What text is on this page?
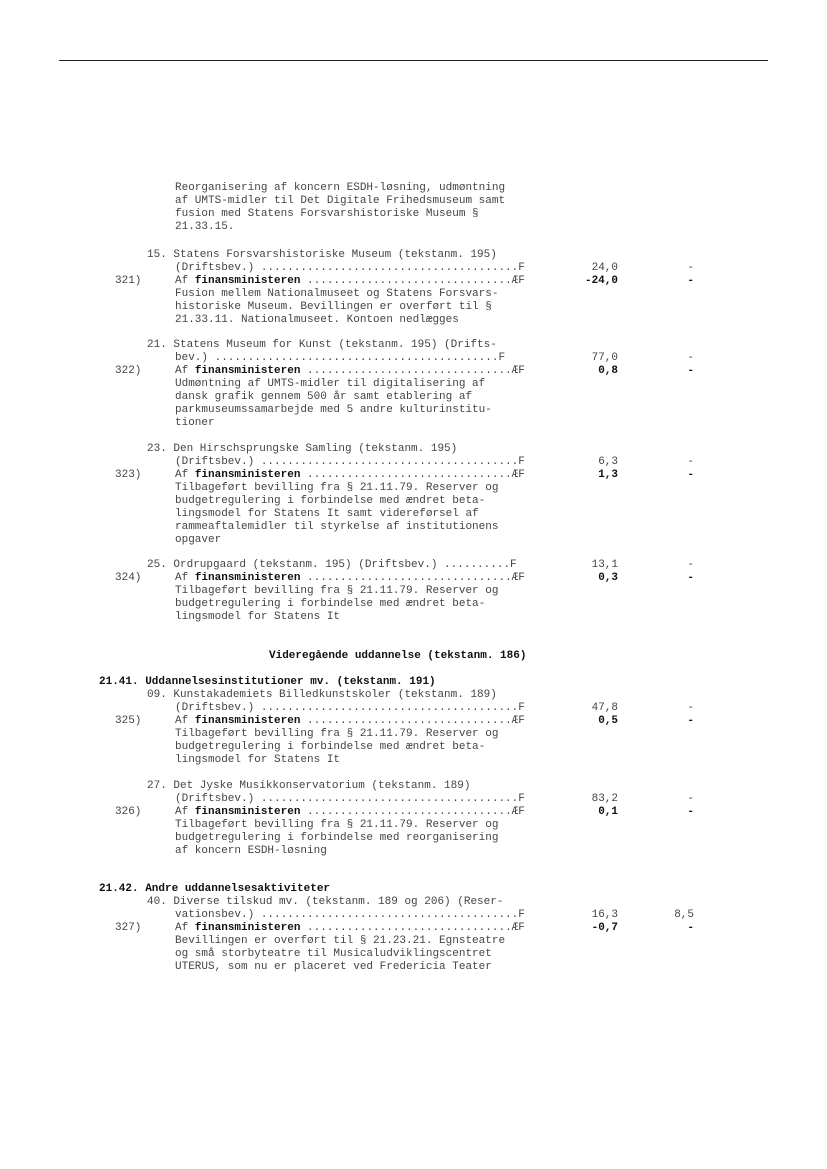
Reorganisering af koncern ESDH-løsning, udmøntning
af UMTS-midler til Det Digitale Frihedsmuseum samt
fusion med Statens Forsvarshistoriske Museum §
21.33.15.
15. Statens Forsvarshistoriske Museum (tekstanm. 195)
(Driftsbev.) .......................................F	24,0	-
321)	Af finansministeren ...............................ÆF	-24,0	-
Fusion mellem Nationalmuseet og Statens Forsvars-
historiske Museum. Bevillingen er overført til §
21.33.11. Nationalmuseet. Kontoen nedlægges
21. Statens Museum for Kunst (tekstanm. 195) (Drifts-
bev.) ...........................................F	77,0	-
322)	Af finansministeren ...............................ÆF	0,8	-
Udmøntning af UMTS-midler til digitalisering af
dansk grafik gennem 500 år samt etablering af
parkmuseumssamarbejde med 5 andre kulturinstitu-
tioner
23. Den Hirschsprungske Samling (tekstanm. 195)
(Driftsbev.) .......................................F	6,3	-
323)	Af finansministeren ...............................ÆF	1,3	-
Tilbageført bevilling fra § 21.11.79. Reserver og
budgetregulering i forbindelse med ændret beta-
lingsmodel for Statens It samt videreførsel af
rammeaftalemidler til styrkelse af institutionens
opgaver
25. Ordrupgaard (tekstanm. 195) (Driftsbev.) ..........F	13,1	-
324)	Af finansministeren ...............................ÆF	0,3	-
Tilbageført bevilling fra § 21.11.79. Reserver og
budgetregulering i forbindelse med ændret beta-
lingsmodel for Statens It
Videregående uddannelse (tekstanm. 186)
21.41. Uddannelsesinstitutioner mv. (tekstanm. 191)
09. Kunstakademiets Billedkunstskoler (tekstanm. 189)
(Driftsbev.) .......................................F	47,8	-
325)	Af finansministeren ...............................ÆF	0,5	-
Tilbageført bevilling fra § 21.11.79. Reserver og
budgetregulering i forbindelse med ændret beta-
lingsmodel for Statens It
27. Det Jyske Musikkonservatorium (tekstanm. 189)
(Driftsbev.) .......................................F	83,2	-
326)	Af finansministeren ...............................ÆF	0,1	-
Tilbageført bevilling fra § 21.11.79. Reserver og
budgetregulering i forbindelse med reorganisering
af koncern ESDH-løsning
21.42. Andre uddannelsesaktiviteter
40. Diverse tilskud mv. (tekstanm. 189 og 206) (Reser-
vationsbev.) .......................................F	16,3	8,5
327)	Af finansministeren ...............................ÆF	-0,7	-
Bevillingen er overført til § 21.23.21. Egnsteatre
og små storbyteatre til Musicaludviklingscentret
UTERUS, som nu er placeret ved Fredericia Teater
